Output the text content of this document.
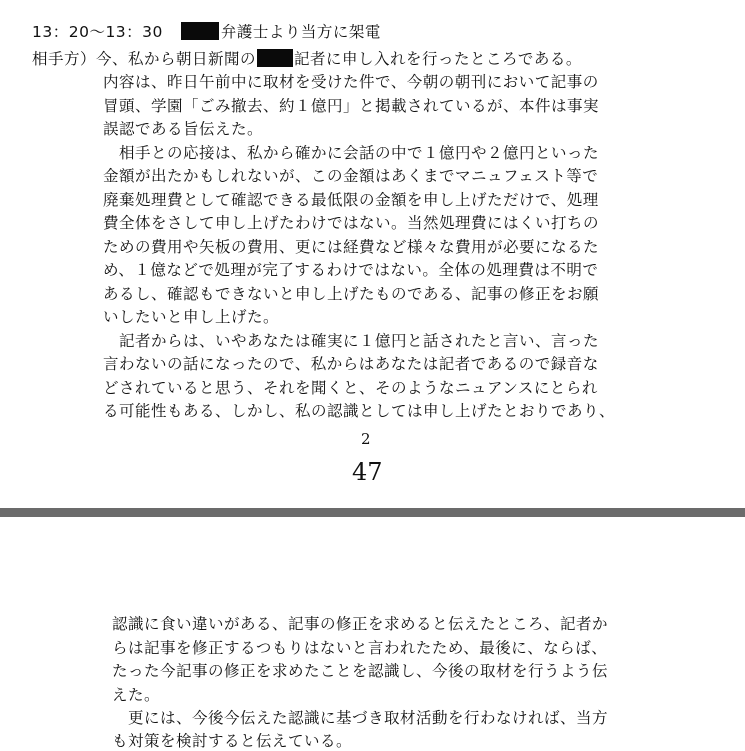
13：20～13：30　	弁護士より当方に架電
相手方）今、私から朝日新聞の 記者に申し入れを行ったところである。
内容は、昨日午前中に取材を受けた件で、今朝の朝刊において記事の
冒頭、学園「ごみ撤去、約１億円」と掲載されているが、本件は事実
誤認である旨伝えた。
　相手との応接は、私から確かに会話の中で１億円や２億円といった
金額が出たかもしれないが、この金額はあくまでマニュフェスト等で
廃棄処理費として確認できる最低限の金額を申し上げただけで、処理
費全体をさして申し上げたわけではない。当然処理費にはくい打ちの
ための費用や矢板の費用、更には経費など様々な費用が必要になるた
め、１億などで処理が完了するわけではない。全体の処理費は不明で
あるし、確認もできないと申し上げたものである、記事の修正をお願
いしたいと申し上げた。
　記者からは、いやあなたは確実に１億円と話されたと言い、言った
言わないの話になったので、私からはあなたは記者であるので録音な
どされていると思う、それを聞くと、そのようなニュアンスにとられ
る可能性もある、しかし、私の認識としては申し上げたとおりであり、
2
47
認識に食い違いがある、記事の修正を求めると伝えたところ、記者か
らは記事を修正するつもりはないと言われたため、最後に、ならば、
たった今記事の修正を求めたことを認識し、今後の取材を行うよう伝
えた。
　更には、今後今伝えた認識に基づき取材活動を行わなければ、当方
も対策を検討すると伝えている。
